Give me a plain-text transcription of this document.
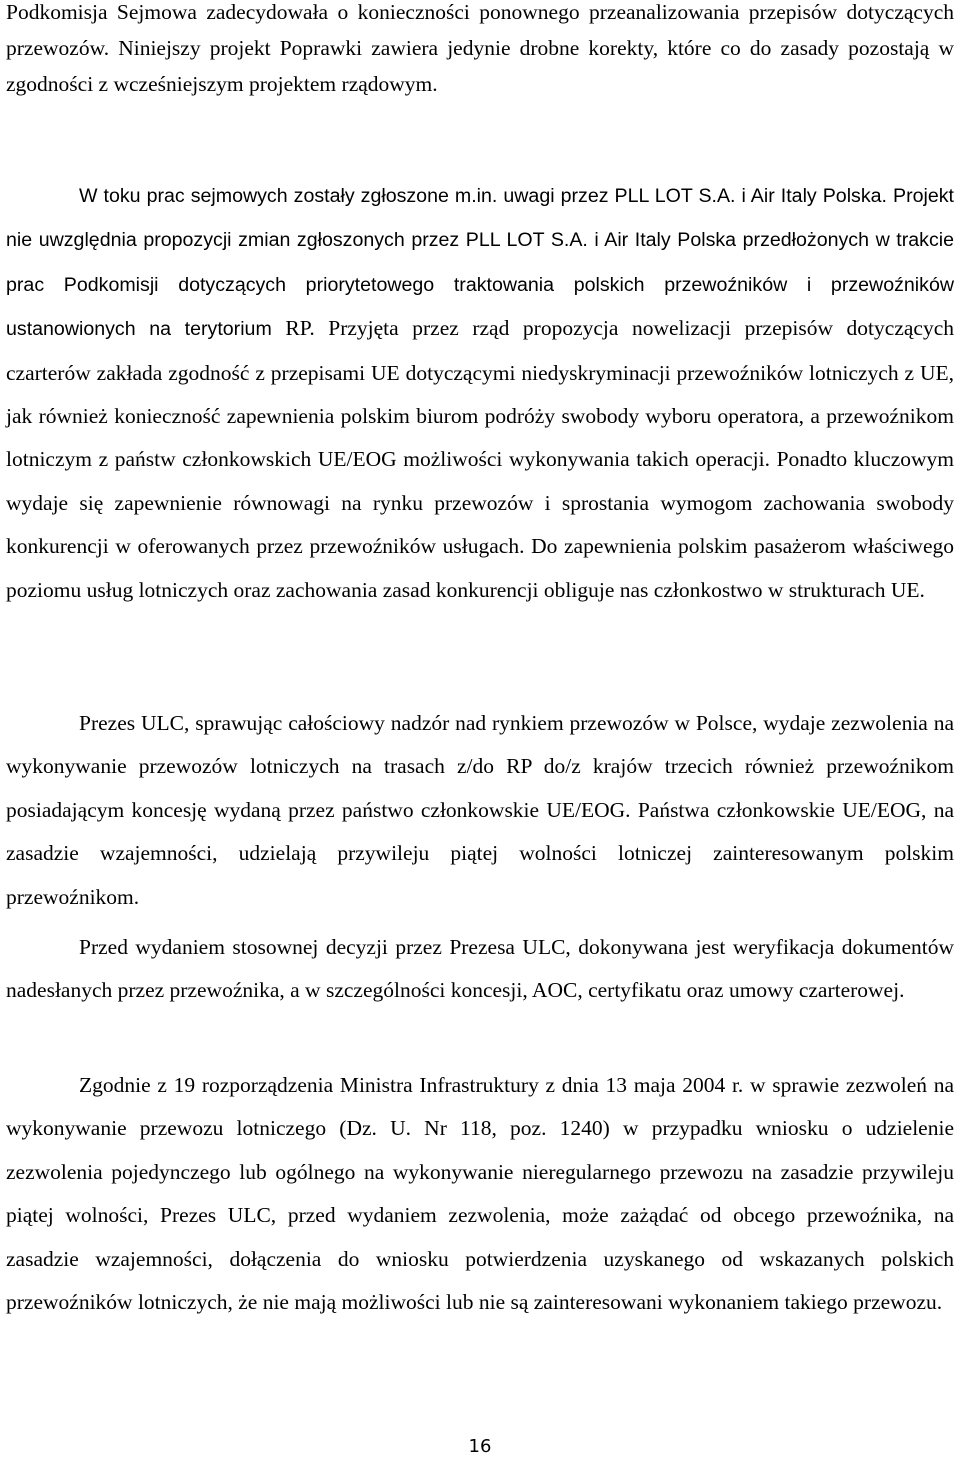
Podkomisja Sejmowa zadecydowała o konieczności ponownego przeanalizowania przepisów dotyczących przewozów. Niniejszy projekt Poprawki zawiera jedynie drobne korekty, które co do zasady pozostają w zgodności z wcześniejszym projektem rządowym.

W toku prac sejmowych zostały zgłoszone m.in. uwagi przez PLL LOT S.A. i Air Italy Polska. Projekt nie uwzględnia propozycji zmian zgłoszonych przez PLL LOT S.A. i Air Italy Polska przedłożonych w trakcie prac Podkomisji dotyczących priorytetowego traktowania polskich przewoźników i przewoźników ustanowionych na terytorium RP. Przyjęta przez rząd propozycja nowelizacji przepisów dotyczących czarterów zakłada zgodność z przepisami UE dotyczącymi niedyskryminacji przewoźników lotniczych z UE, jak również konieczność zapewnienia polskim biurom podróży swobody wyboru operatora, a przewoźnikom lotniczym z państw członkowskich UE/EOG możliwości wykonywania takich operacji. Ponadto kluczowym wydaje się zapewnienie równowagi na rynku przewozów i sprostania wymogom zachowania swobody konkurencji w oferowanych przez przewoźników usługach. Do zapewnienia polskim pasażerom właściwego poziomu usług lotniczych oraz zachowania zasad konkurencji obliguje nas członkostwo w strukturach UE.

Prezes ULC, sprawując całościowy nadzór nad rynkiem przewozów w Polsce, wydaje zezwolenia na wykonywanie przewozów lotniczych na trasach z/do RP do/z krajów trzecich również przewoźnikom posiadającym koncesję wydaną przez państwo członkowskie UE/EOG. Państwa członkowskie UE/EOG, na zasadzie wzajemności, udzielają przywileju piątej wolności lotniczej zainteresowanym polskim przewoźnikom.

Przed wydaniem stosownej decyzji przez Prezesa ULC, dokonywana jest weryfikacja dokumentów nadesłanych przez przewoźnika, a w szczególności koncesji, AOC, certyfikatu oraz umowy czarterowej.

Zgodnie z 19 rozporządzenia Ministra Infrastruktury z dnia 13 maja 2004 r. w sprawie zezwoleń na wykonywanie przewozu lotniczego (Dz. U. Nr 118, poz. 1240) w przypadku wniosku o udzielenie zezwolenia pojedynczego lub ogólnego na wykonywanie nieregularnego przewozu na zasadzie przywileju piątej wolności, Prezes ULC, przed wydaniem zezwolenia, może zażądać od obcego przewoźnika, na zasadzie wzajemności, dołączenia do wniosku potwierdzenia uzyskanego od wskazanych polskich przewoźników lotniczych, że nie mają możliwości lub nie są zainteresowani wykonaniem takiego przewozu.

16
